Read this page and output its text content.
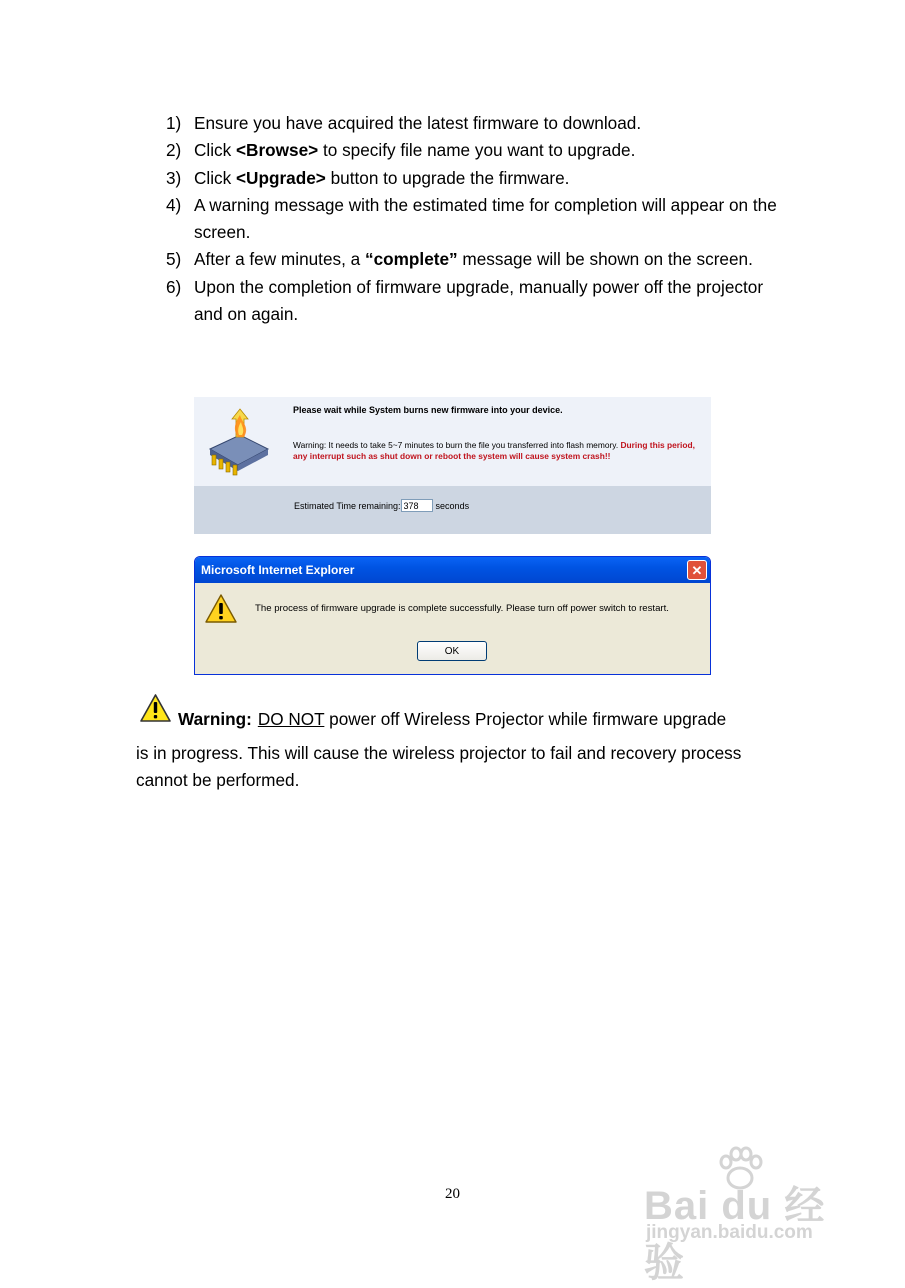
1) Ensure you have acquired the latest firmware to download.
2) Click <Browse> to specify file name you want to upgrade.
3) Click <Upgrade> button to upgrade the firmware.
4) A warning message with the estimated time for completion will appear on the screen.
5) After a few minutes, a “complete” message will be shown on the screen.
6) Upon the completion of firmware upgrade, manually power off the projector and on again.
Please wait while System burns new firmware into your device.
Warning: It needs to take 5~7 minutes to burn the file you transferred into flash memory. During this period, any interrupt such as shut down or reboot the system will cause system crash!!
Estimated Time remaining:
378	seconds
Microsoft Internet Explorer	✕
The process of firmware upgrade is complete successfully. Please turn off power switch to restart.
OK
Warning: DO NOT power off Wireless Projector while firmware upgrade
is in progress. This will cause the wireless projector to fail and recovery process cannot be performed.
20	Bai du 经验
jingyan.baidu.com
